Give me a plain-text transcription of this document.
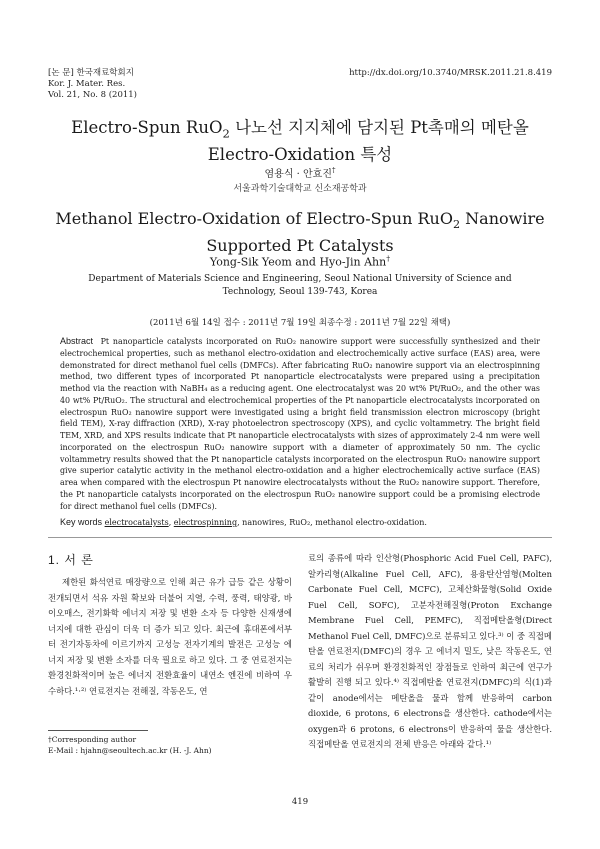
[논 문] 한국재료학회지
Kor. J. Mater. Res.
Vol. 21, No. 8 (2011)
http://dx.doi.org/10.3740/MRSK.2011.21.8.419
Electro-Spun RuO$_2$ 나노선 지지체에 담지된 Pt촉매의 메탄올
Electro-Oxidation 특성
염용식 · 안효진†
서울과학기술대학교 신소재공학과
Methanol Electro-Oxidation of Electro-Spun RuO$_2$ Nanowire
Supported Pt Catalysts
Yong-Sik Yeom and Hyo-Jin Ahn†
Department of Materials Science and Engineering, Seoul National University of Science and
Technology, Seoul 139-743, Korea
(2011년 6월 14일 접수 : 2011년 7월 19일 최종수정 : 2011년 7월 22일 채택)
Abstract Pt nanoparticle catalysts incorporated on RuO₂ nanowire support were successfully synthesized and their electrochemical properties, such as methanol electro-oxidation and electrochemically active surface (EAS) area, were demonstrated for direct methanol fuel cells (DMFCs). After fabricating RuO₂ nanowire support via an electrospinning method, two different types of incorporated Pt nanoparticle electrocatalysts were prepared using a precipitation method via the reaction with NaBH₄ as a reducing agent. One electrocatalyst was 20 wt% Pt/RuO₂, and the other was 40 wt% Pt/RuO₂. The structural and electrochemical properties of the Pt nanoparticle electrocatalysts incorporated on electrospun RuO₂ nanowire support were investigated using a bright field transmission electron microscopy (bright field TEM), X-ray diffraction (XRD), X-ray photoelectron spectroscopy (XPS), and cyclic voltammetry. The bright field TEM, XRD, and XPS results indicate that Pt nanoparticle electrocatalysts with sizes of approximately 2-4 nm were well incorporated on the electrospun RuO₂ nanowire support with a diameter of approximately 50 nm. The cyclic voltammetry results showed that the Pt nanoparticle catalysts incorporated on the electrospun RuO₂ nanowire support give superior catalytic activity in the methanol electro-oxidation and a higher electrochemically active surface (EAS) area when compared with the electrospun Pt nanowire electrocatalysts without the RuO₂ nanowire support. Therefore, the Pt nanoparticle catalysts incorporated on the electrospun RuO₂ nanowire support could be a promising electrode for direct methanol fuel cells (DMFCs).
Key words electrocatalysts, electrospinning, nanowires, RuO₂, methanol electro-oxidation.
1. 서 론
제한된 화석연료 매장량으로 인해 최근 유가 급등 같은 상황이 전개되면서 석유 자원 확보와 더불어 지열, 수력, 풍력, 태양광, 바이오매스, 전기화학 에너지 저장 및 변환 소자 등 다양한 신재생에너지에 대한 관심이 더욱 더 증가 되고 있다. 최근에 휴대폰에서부터 전기자동차에 이르기까지 고성능 전자기계의 발전은 고성능 에너지 저장 및 변환 소자를 더욱 필요로 하고 있다. 그 중 연료전지는 환경친화적이며 높은 에너지 전환효율이 내연소 엔진에 비하여 우수하다.¹·²⁾ 연료전지는 전해질, 작동온도, 연
료의 종류에 따라 인산형(Phosphoric Acid Fuel Cell, PAFC), 알카리형(Alkaline Fuel Cell, AFC), 용융탄산염형(Molten Carbonate Fuel Cell, MCFC), 고체산화물형(Solid Oxide Fuel Cell, SOFC), 고분자전해질형(Proton Exchange Membrane Fuel Cell, PEMFC), 직접메탄올형(Direct Methanol Fuel Cell, DMFC)으로 분류되고 있다.³⁾ 이 중 직접메탄올 연료전지(DMFC)의 경우 고 에너지 밀도, 낮은 작동온도, 연료의 처리가 쉬우며 환경친화적인 장점들로 인하여 최근에 연구가 활발히 진행 되고 있다.⁴⁾ 직접메탄올 연료전지(DMFC)의 식(1)과 같이 anode에서는 메탄올을 물과 함께 반응하여 carbon dioxide, 6 protons, 6 electrons을 생산한다. cathode에서는 oxygen과 6 protons, 6 electrons이 반응하여 물을 생산한다. 직접메탄올 연료전지의 전체 반응은 아래와 같다.¹⁾
†Corresponding author
E-Mail : hjahn@seoultech.ac.kr (H. -J. Ahn)
419
